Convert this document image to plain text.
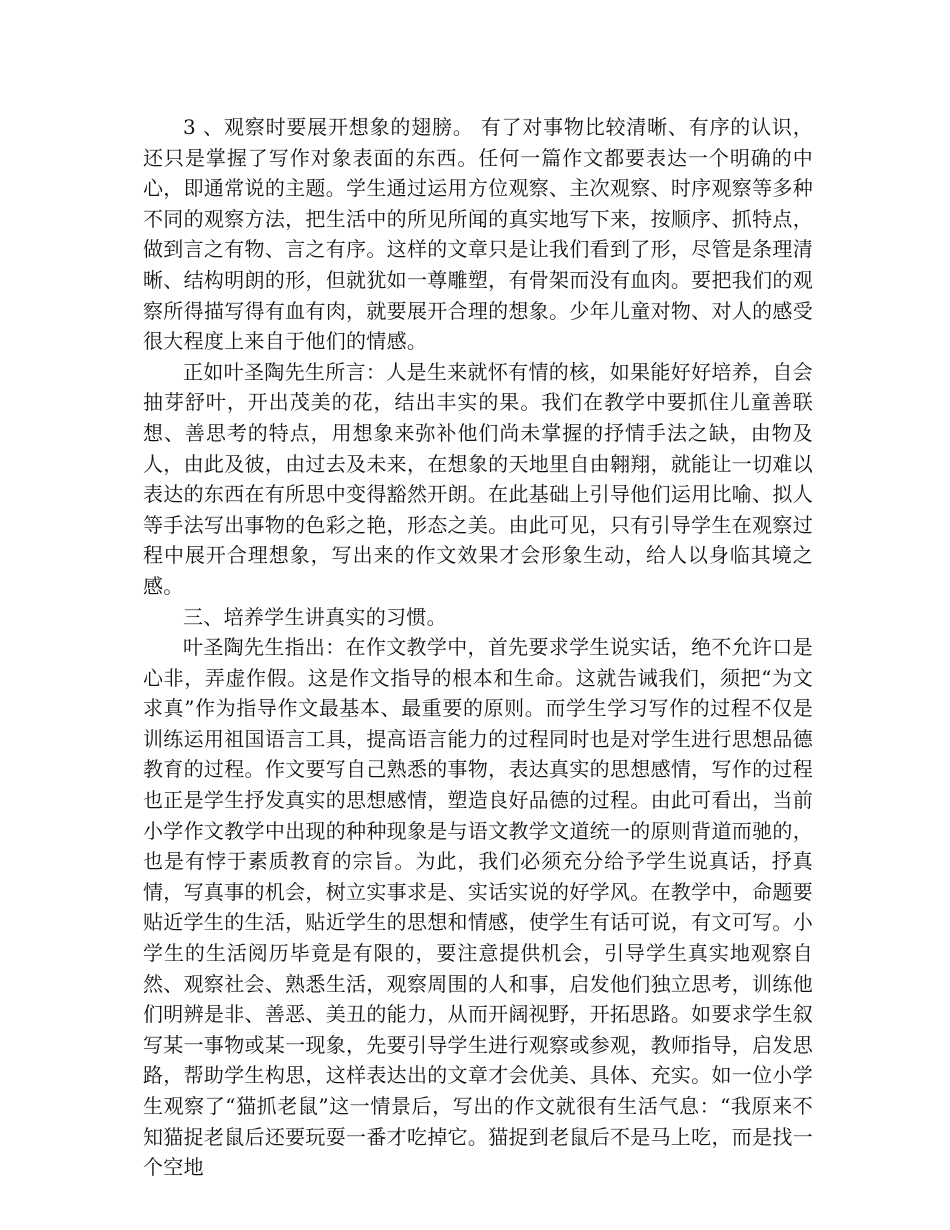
3 、观察时要展开想象的翅膀。 有了对事物比较清晰、有序的认识，还只是掌握了写作对象表面的东西。任何一篇作文都要表达一个明确的中心，即通常说的主题。学生通过运用方位观察、主次观察、时序观察等多种不同的观察方法，把生活中的所见所闻的真实地写下来，按顺序、抓特点，做到言之有物、言之有序。这样的文章只是让我们看到了形，尽管是条理清晰、结构明朗的形，但就犹如一尊雕塑，有骨架而没有血肉。要把我们的观察所得描写得有血有肉，就要展开合理的想象。少年儿童对物、对人的感受很大程度上来自于他们的情感。

正如叶圣陶先生所言：人是生来就怀有情的核，如果能好好培养，自会抽芽舒叶，开出茂美的花，结出丰实的果。我们在教学中要抓住儿童善联想、善思考的特点，用想象来弥补他们尚未掌握的抒情手法之缺，由物及人，由此及彼，由过去及未来，在想象的天地里自由翱翔，就能让一切难以表达的东西在有所思中变得豁然开朗。在此基础上引导他们运用比喻、拟人等手法写出事物的色彩之艳，形态之美。由此可见，只有引导学生在观察过程中展开合理想象，写出来的作文效果才会形象生动，给人以身临其境之感。

三、培养学生讲真实的习惯。

叶圣陶先生指出：在作文教学中，首先要求学生说实话，绝不允许口是心非，弄虚作假。这是作文指导的根本和生命。这就告诫我们，须把“为文求真”作为指导作文最基本、最重要的原则。而学生学习写作的过程不仅是训练运用祖国语言工具，提高语言能力的过程同时也是对学生进行思想品德教育的过程。作文要写自己熟悉的事物，表达真实的思想感情，写作的过程也正是学生抒发真实的思想感情，塑造良好品德的过程。由此可看出，当前小学作文教学中出现的种种现象是与语文教学文道统一的原则背道而驰的，也是有悖于素质教育的宗旨。为此，我们必须充分给予学生说真话，抒真情，写真事的机会，树立实事求是、实话实说的好学风。在教学中，命题要贴近学生的生活，贴近学生的思想和情感，使学生有话可说，有文可写。小学生的生活阅历毕竟是有限的，要注意提供机会，引导学生真实地观察自然、观察社会、熟悉生活，观察周围的人和事，启发他们独立思考，训练他们明辨是非、善恶、美丑的能力，从而开阔视野，开拓思路。如要求学生叙写某一事物或某一现象，先要引导学生进行观察或参观，教师指导，启发思路，帮助学生构思，这样表达出的文章才会优美、具体、充实。如一位小学生观察了“猫抓老鼠”这一情景后，写出的作文就很有生活气息：“我原来不知猫捉老鼠后还要玩耍一番才吃掉它。猫捉到老鼠后不是马上吃，而是找一个空地
